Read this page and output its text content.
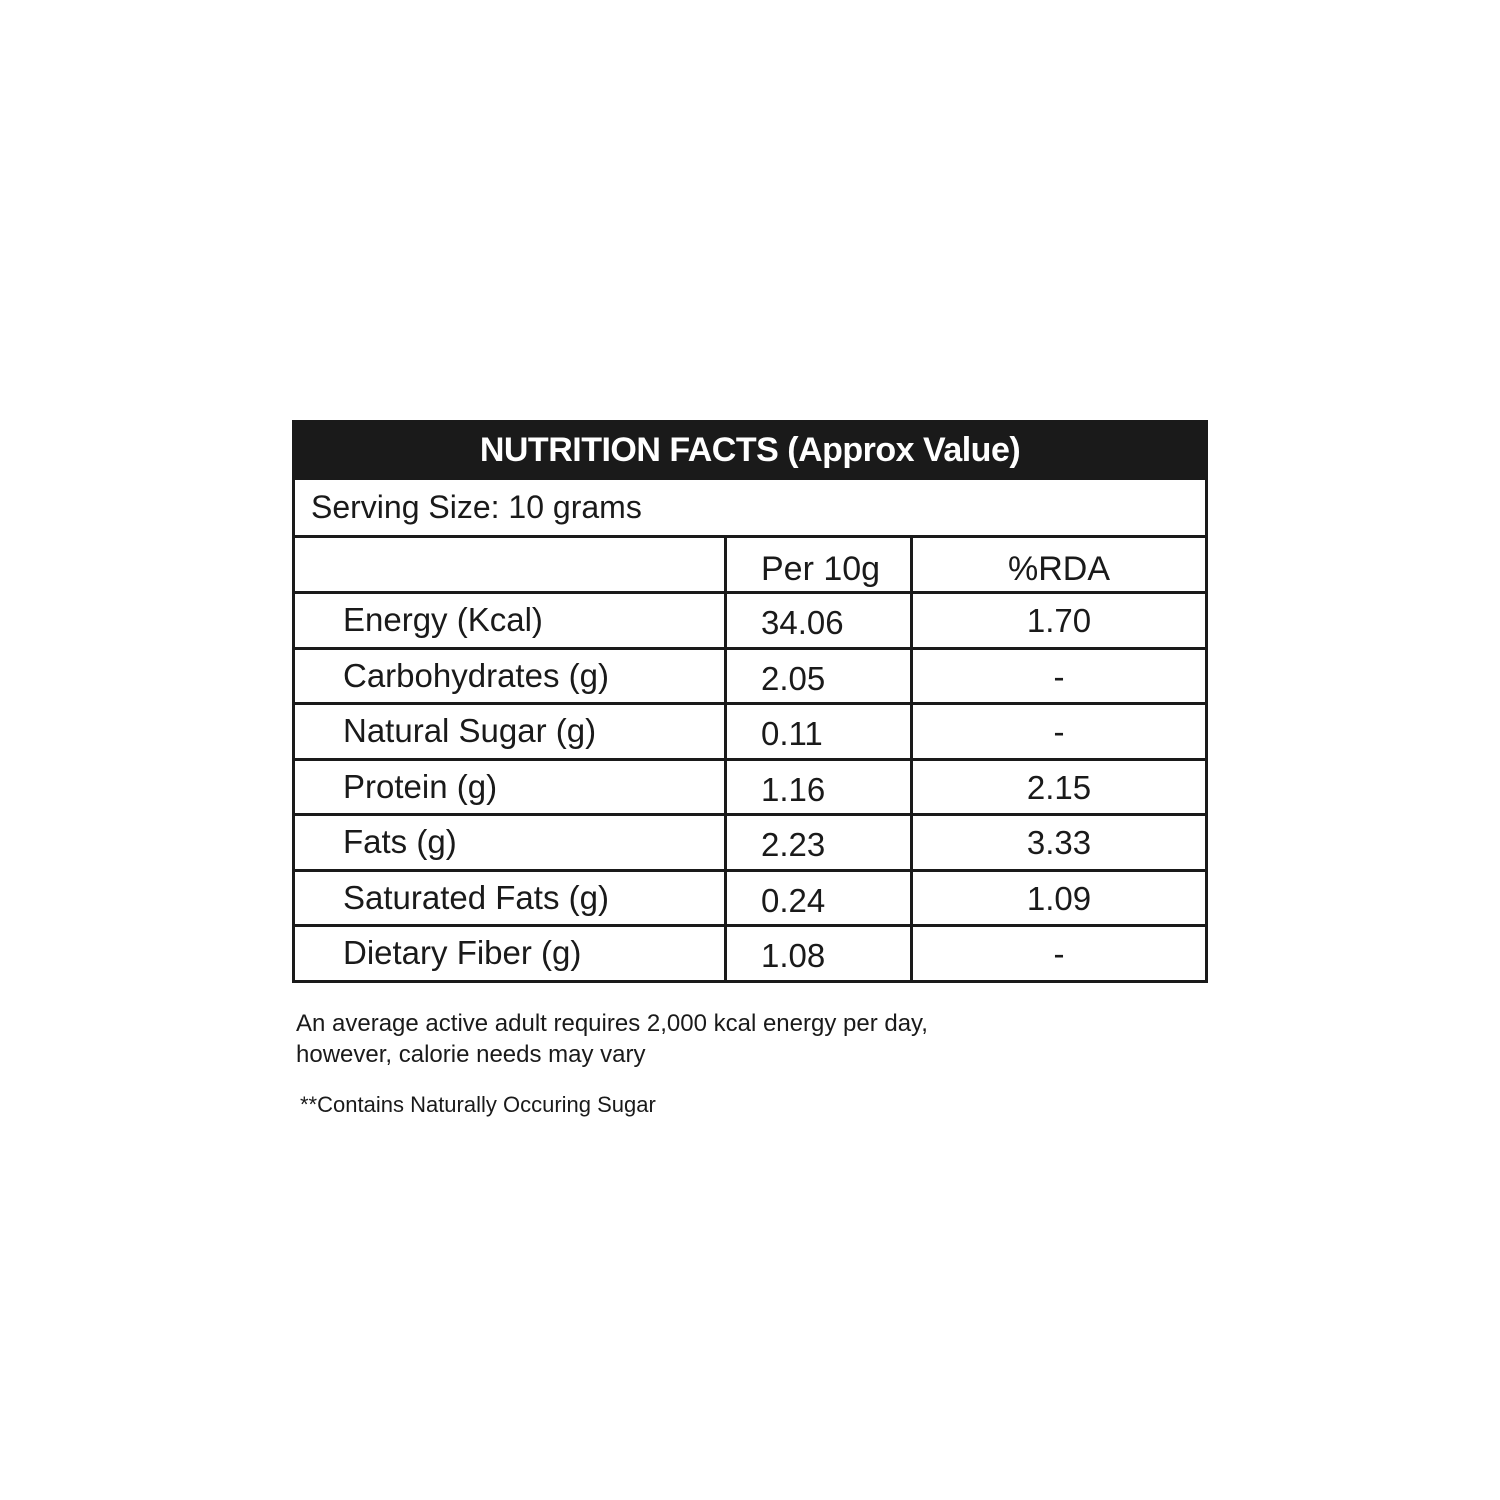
NUTRITION FACTS (Approx Value)		
Serving Size: 10 grams		
	Per 10g	%RDA
Energy (Kcal)	34.06	1.70
Carbohydrates (g)	2.05	-
Natural Sugar (g)	0.11	-
Protein (g)	1.16	2.15
Fats (g)	2.23	3.33
Saturated Fats (g)	0.24	1.09
Dietary Fiber (g)	1.08	-
An average active adult requires 2,000 kcal energy per day,
however, calorie needs may vary
**Contains Naturally Occuring Sugar
